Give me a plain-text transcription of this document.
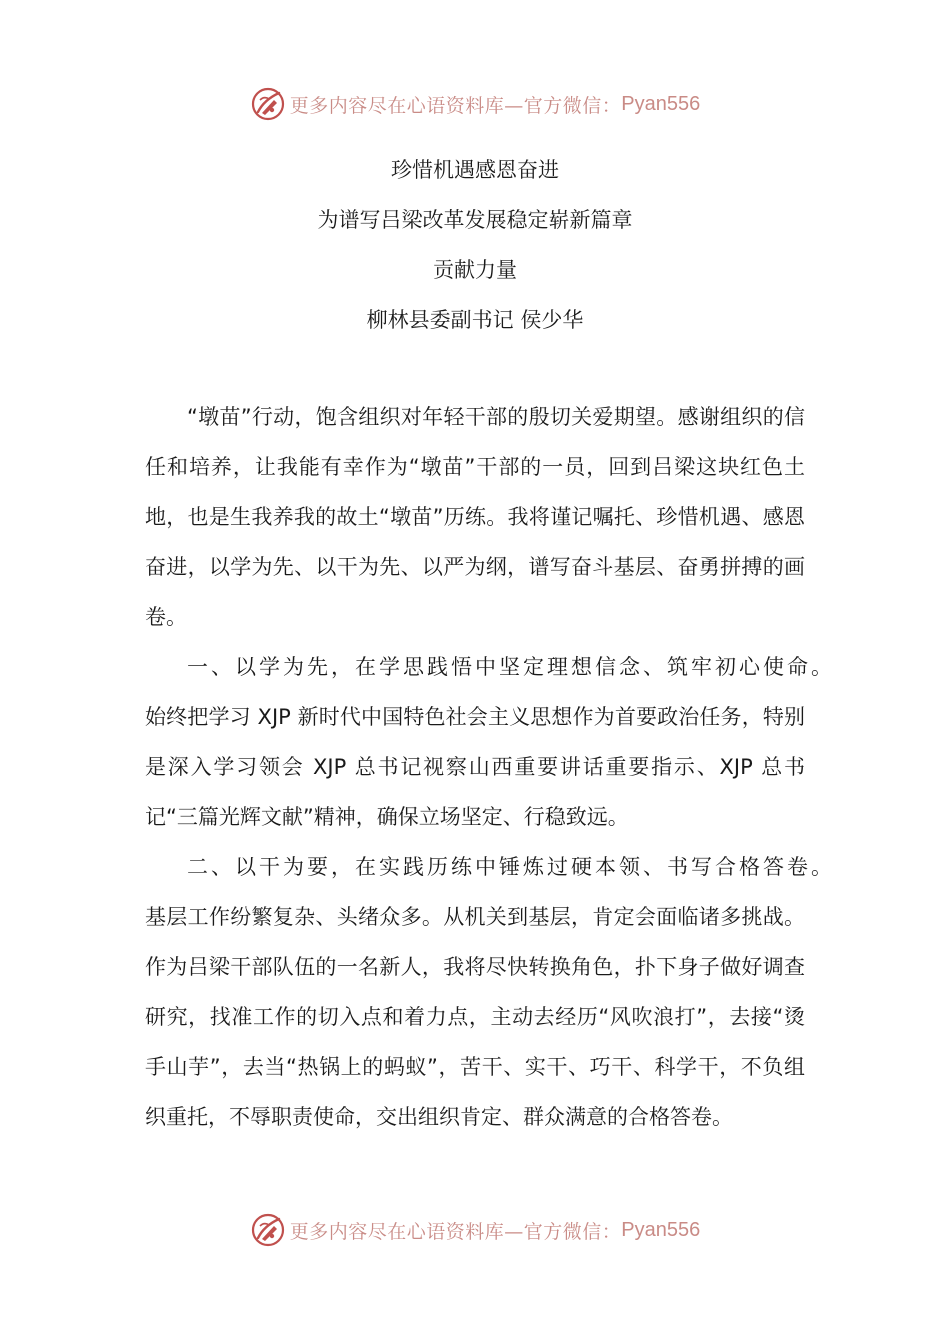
更多内容尽在心语资料库—官方微信： Pyan556
珍惜机遇感恩奋进
为谱写吕梁改革发展稳定崭新篇章
贡献力量
柳林县委副书记 侯少华

“墩苗”行动，饱含组织对年轻干部的殷切关爱期望。感谢组织的信任和培养，让我能有幸作为“墩苗”干部的一员，回到吕梁这块红色土地，也是生我养我的故土“墩苗”历练。我将谨记嘱托、珍惜机遇、感恩奋进，以学为先、以干为先、以严为纲，谱写奋斗基层、奋勇拼搏的画卷。

一、以学为先，在学思践悟中坚定理想信念、筑牢初心使命。
始终把学习 XJP 新时代中国特色社会主义思想作为首要政治任务，特别是深入学习领会 XJP 总书记视察山西重要讲话重要指示、XJP 总书记“三篇光辉文献”精神，确保立场坚定、行稳致远。
二、以干为要，在实践历练中锤炼过硬本领、书写合格答卷。
基层工作纷繁复杂、头绪众多。从机关到基层，肯定会面临诸多挑战。作为吕梁干部队伍的一名新人，我将尽快转换角色，扑下身子做好调查研究，找准工作的切入点和着力点，主动去经历“风吹浪打”，去接“烫手山芋”，去当“热锅上的蚂蚁”，苦干、实干、巧干、科学干，不负组织重托，不辱职责使命，交出组织肯定、群众满意的合格答卷。
更多内容尽在心语资料库—官方微信： Pyan556
